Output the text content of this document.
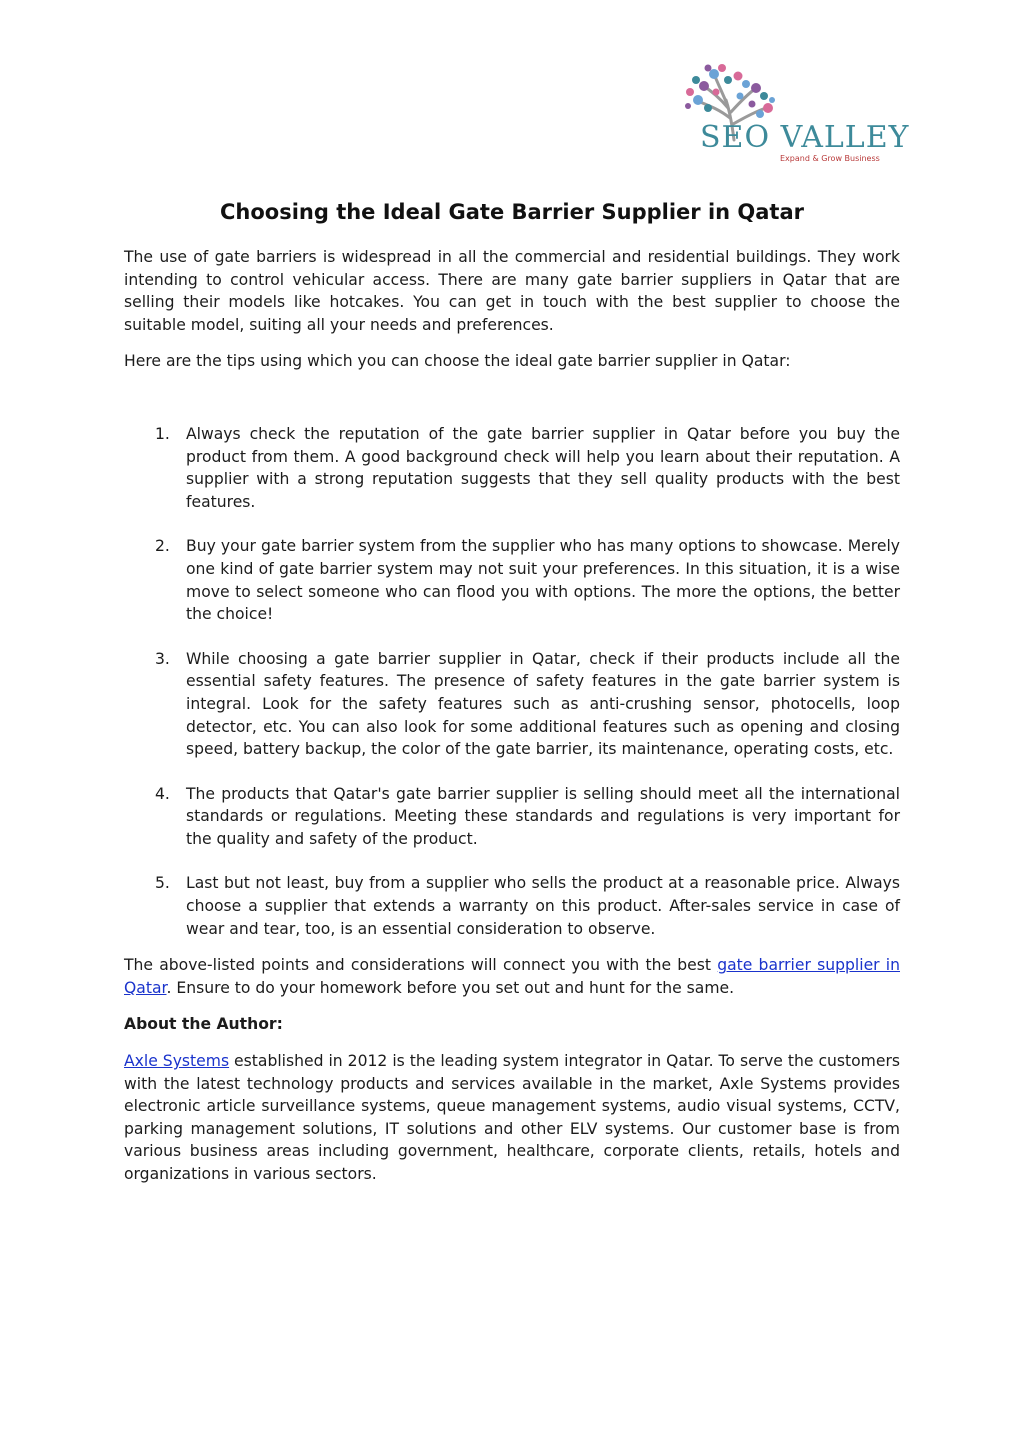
SEO VALLEY
Expand & Grow Business
Choosing the Ideal Gate Barrier Supplier in Qatar

The use of gate barriers is widespread in all the commercial and residential buildings. They work intending to control vehicular access. There are many gate barrier suppliers in Qatar that are selling their models like hotcakes. You can get in touch with the best supplier to choose the suitable model, suiting all your needs and preferences.

Here are the tips using which you can choose the ideal gate barrier supplier in Qatar:

1. Always check the reputation of the gate barrier supplier in Qatar before you buy the product from them. A good background check will help you learn about their reputation. A supplier with a strong reputation suggests that they sell quality products with the best features.
2. Buy your gate barrier system from the supplier who has many options to showcase. Merely one kind of gate barrier system may not suit your preferences. In this situation, it is a wise move to select someone who can flood you with options. The more the options, the better the choice!
3. While choosing a gate barrier supplier in Qatar, check if their products include all the essential safety features. The presence of safety features in the gate barrier system is integral. Look for the safety features such as anti-crushing sensor, photocells, loop detector, etc. You can also look for some additional features such as opening and closing speed, battery backup, the color of the gate barrier, its maintenance, operating costs, etc.
4. The products that Qatar's gate barrier supplier is selling should meet all the international standards or regulations. Meeting these standards and regulations is very important for the quality and safety of the product.
5. Last but not least, buy from a supplier who sells the product at a reasonable price. Always choose a supplier that extends a warranty on this product. After-sales service in case of wear and tear, too, is an essential consideration to observe.

The above-listed points and considerations will connect you with the best gate barrier supplier in Qatar. Ensure to do your homework before you set out and hunt for the same.

About the Author:

Axle Systems established in 2012 is the leading system integrator in Qatar. To serve the customers with the latest technology products and services available in the market, Axle Systems provides electronic article surveillance systems, queue management systems, audio visual systems, CCTV, parking management solutions, IT solutions and other ELV systems. Our customer base is from various business areas including government, healthcare, corporate clients, retails, hotels and organizations in various sectors.
